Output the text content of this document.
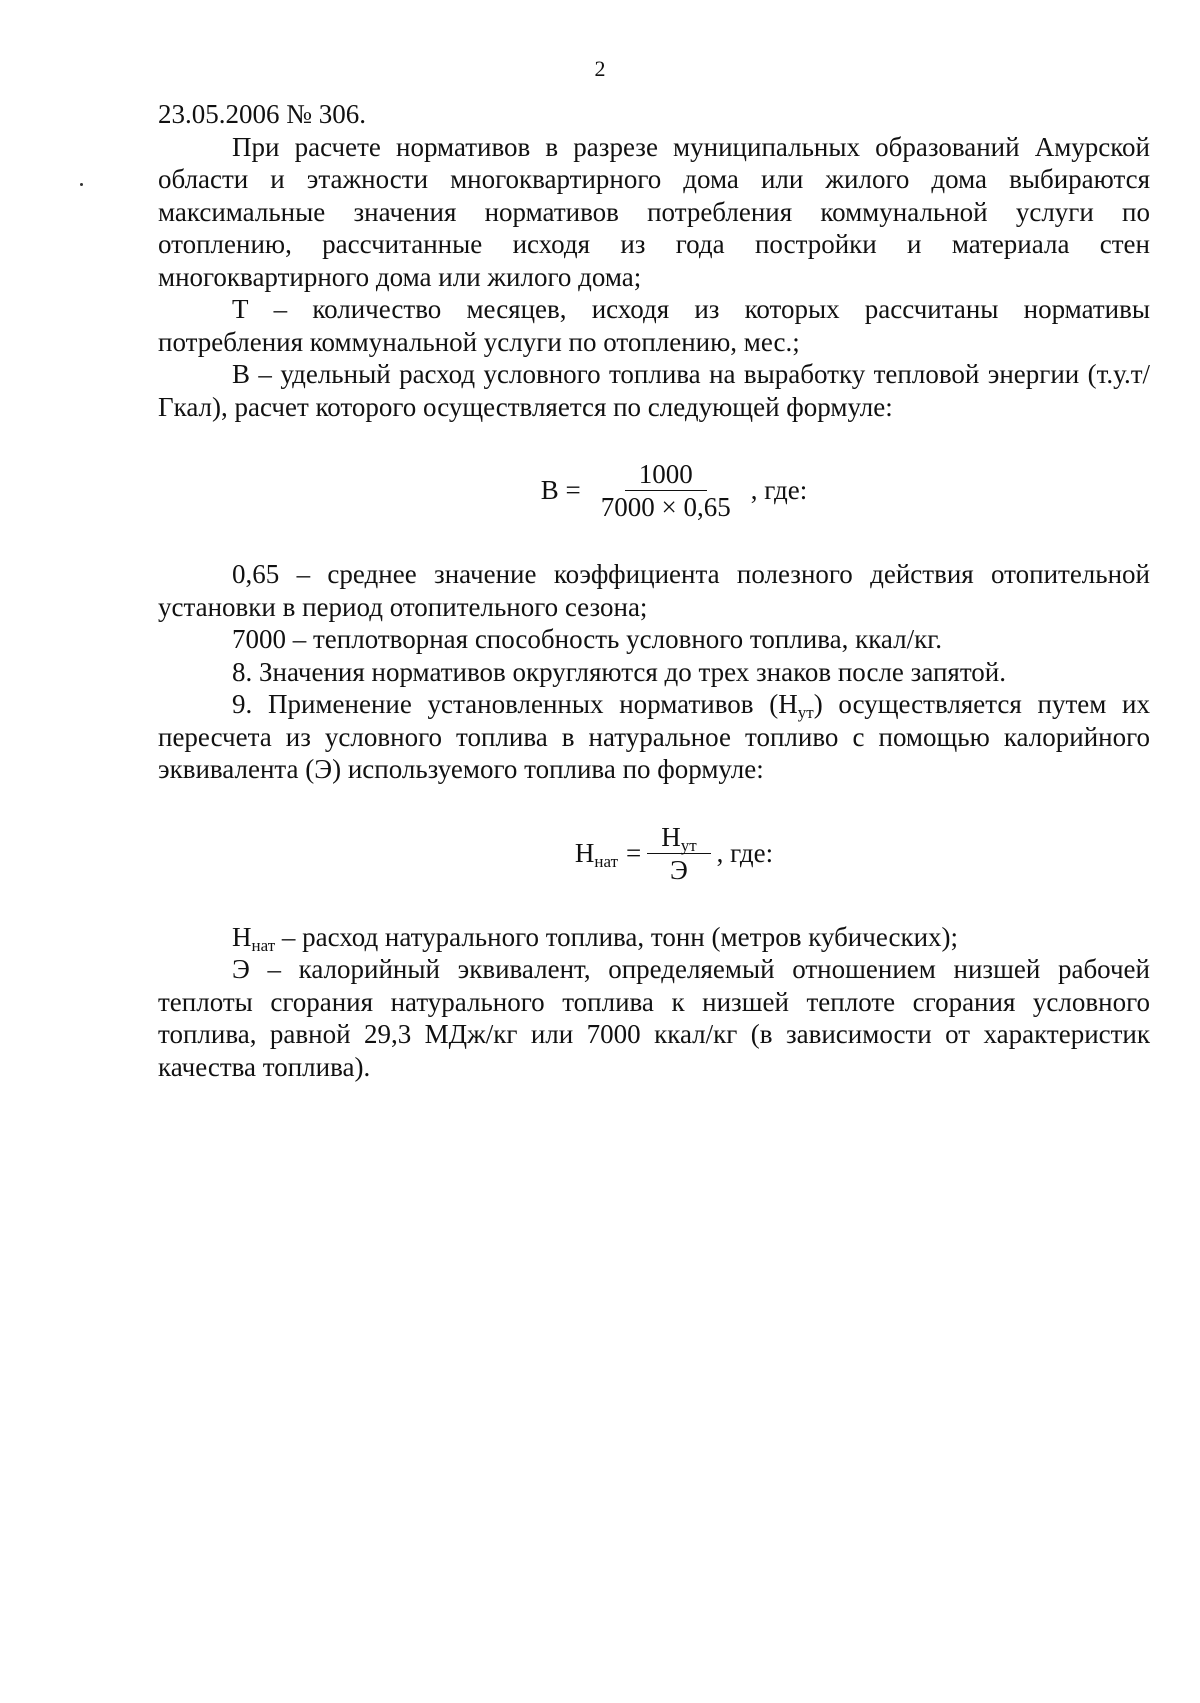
2

23.05.2006 № 306.

При расчете нормативов в разрезе муниципальных образований Амурской области и этажности многоквартирного дома или жилого дома выбираются максимальные значения нормативов потребления коммунальной услуги по отоплению, рассчитанные исходя из года постройки и материала стен многоквартирного дома или жилого дома;

Т – количество месяцев, исходя из которых рассчитаны нормативы потребления коммунальной услуги по отоплению, мес.;

В – удельный расход условного топлива на выработку тепловой энергии (т.у.т/Гкал), расчет которого осуществляется по следующей формуле:

$В = \frac{1000}{7000 \times 0,65}$ , где:

0,65 – среднее значение коэффициента полезного действия отопительной установки в период отопительного сезона;

7000 – теплотворная способность условного топлива, ккал/кг.

8. Значения нормативов округляются до трех знаков после запятой.

9. Применение установленных нормативов $(Н_{ут})$ осуществляется путем их пересчета из условного топлива в натуральное топливо с помощью калорийного эквивалента (Э) используемого топлива по формуле:

$Н_{нат} = \frac{Н_{ут}}{Э}$ , где:

$Н_{нат}$ – расход натурального топлива, тонн (метров кубических);

Э – калорийный эквивалент, определяемый отношением низшей рабочей теплоты сгорания натурального топлива к низшей теплоте сгорания условного топлива, равной 29,3 МДж/кг или 7000 ккал/кг (в зависимости от характеристик качества топлива).
